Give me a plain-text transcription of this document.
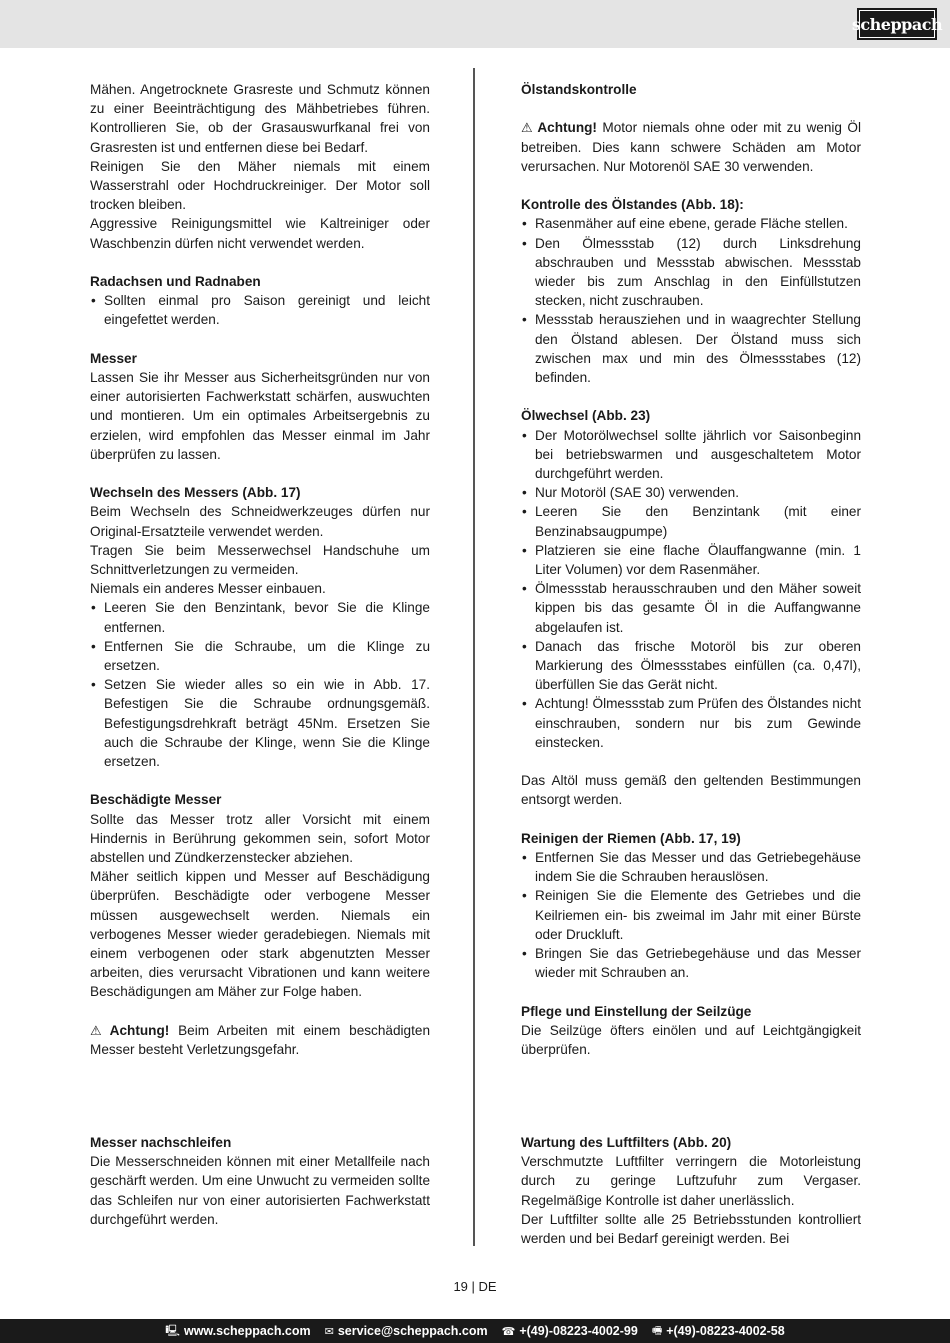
scheppach

Mähen. Angetrocknete Grasreste und Schmutz können zu einer Beeinträchtigung des Mähbetriebes führen. Kontrollieren Sie, ob der Grasauswurfkanal frei von Grasresten ist und entfernen diese bei Bedarf.

Reinigen Sie den Mäher niemals mit einem Wasserstrahl oder Hochdruckreiniger. Der Motor soll trocken bleiben.

Aggressive Reinigungsmittel wie Kaltreiniger oder Waschbenzin dürfen nicht verwendet werden.

Radachsen und Radnaben

• Sollten einmal pro Saison gereinigt und leicht eingefettet werden.

Messer

Lassen Sie ihr Messer aus Sicherheitsgründen nur von einer autorisierten Fachwerkstatt schärfen, auswuchten und montieren. Um ein optimales Arbeitsergebnis zu erzielen, wird empfohlen das Messer einmal im Jahr überprüfen zu lassen.

Wechseln des Messers (Abb. 17)

Beim Wechseln des Schneidwerkzeuges dürfen nur Original-Ersatzteile verwendet werden.

Tragen Sie beim Messerwechsel Handschuhe um Schnittverletzungen zu vermeiden.

Niemals ein anderes Messer einbauen.

• Leeren Sie den Benzintank, bevor Sie die Klinge entfernen.
• Entfernen Sie die Schraube, um die Klinge zu ersetzen.
• Setzen Sie wieder alles so ein wie in Abb. 17. Befestigen Sie die Schraube ordnungsgemäß. Befestigungsdrehkraft beträgt 45Nm. Ersetzen Sie auch die Schraube der Klinge, wenn Sie die Klinge ersetzen.

Beschädigte Messer

Sollte das Messer trotz aller Vorsicht mit einem Hindernis in Berührung gekommen sein, sofort Motor abstellen und Zündkerzenstecker abziehen.

Mäher seitlich kippen und Messer auf Beschädigung überprüfen. Beschädigte oder verbogene Messer müssen ausgewechselt werden. Niemals ein verbogenes Messer wieder geradebiegen. Niemals mit einem verbogenen oder stark abgenutzten Messer arbeiten, dies verursacht Vibrationen und kann weitere Beschädigungen am Mäher zur Folge haben.

⚠ Achtung! Beim Arbeiten mit einem beschädigten Messer besteht Verletzungsgefahr.

Messer nachschleifen

Die Messerschneiden können mit einer Metallfeile nach geschärft werden. Um eine Unwucht zu vermeiden sollte das Schleifen nur von einer autorisierten Fachwerkstatt durchgeführt werden.

Ölstandskontrolle

⚠ Achtung! Motor niemals ohne oder mit zu wenig Öl betreiben. Dies kann schwere Schäden am Motor verursachen. Nur Motorenöl SAE 30 verwenden.

Kontrolle des Ölstandes (Abb. 18):

• Rasenmäher auf eine ebene, gerade Fläche stellen.
• Den Ölmessstab (12) durch Linksdrehung abschrauben und Messstab abwischen. Messstab wieder bis zum Anschlag in den Einfüllstutzen stecken, nicht zuschrauben.
• Messstab herausziehen und in waagrechter Stellung den Ölstand ablesen. Der Ölstand muss sich zwischen max und min des Ölmessstabes (12) befinden.

Ölwechsel (Abb. 23)

• Der Motorölwechsel sollte jährlich vor Saisonbeginn bei betriebswarmen und ausgeschaltetem Motor durchgeführt werden.
• Nur Motoröl (SAE 30) verwenden.
• Leeren Sie den Benzintank (mit einer Benzinabsaugpumpe)
• Platzieren sie eine flache Ölauffangwanne (min. 1 Liter Volumen) vor dem Rasenmäher.
• Ölmessstab herausschrauben und den Mäher soweit kippen bis das gesamte Öl in die Auffangwanne abgelaufen ist.
• Danach das frische Motoröl bis zur oberen Markierung des Ölmessstabes einfüllen (ca. 0,47l), überfüllen Sie das Gerät nicht.
• Achtung! Ölmessstab zum Prüfen des Ölstandes nicht einschrauben, sondern nur bis zum Gewinde einstecken.

Das Altöl muss gemäß den geltenden Bestimmungen entsorgt werden.

Reinigen der Riemen (Abb. 17, 19)

• Entfernen Sie das Messer und das Getriebegehäuse indem Sie die Schrauben herauslösen.
• Reinigen Sie die Elemente des Getriebes und die Keilriemen ein- bis zweimal im Jahr mit einer Bürste oder Druckluft.
• Bringen Sie das Getriebegehäuse und das Messer wieder mit Schrauben an.

Pflege und Einstellung der Seilzüge

Die Seilzüge öfters einölen und auf Leichtgängigkeit überprüfen.

Wartung des Luftfilters (Abb. 20)

Verschmutzte Luftfilter verringern die Motorleistung durch zu geringe Luftzufuhr zum Vergaser. Regelmäßige Kontrolle ist daher unerlässlich.

Der Luftfilter sollte alle 25 Betriebsstunden kontrolliert werden und bei Bedarf gereinigt werden. Bei

19 | DE
🖳 www.scheppach.com ✉ service@scheppach.com ☎ +(49)-08223-4002-99 🖷 +(49)-08223-4002-58
